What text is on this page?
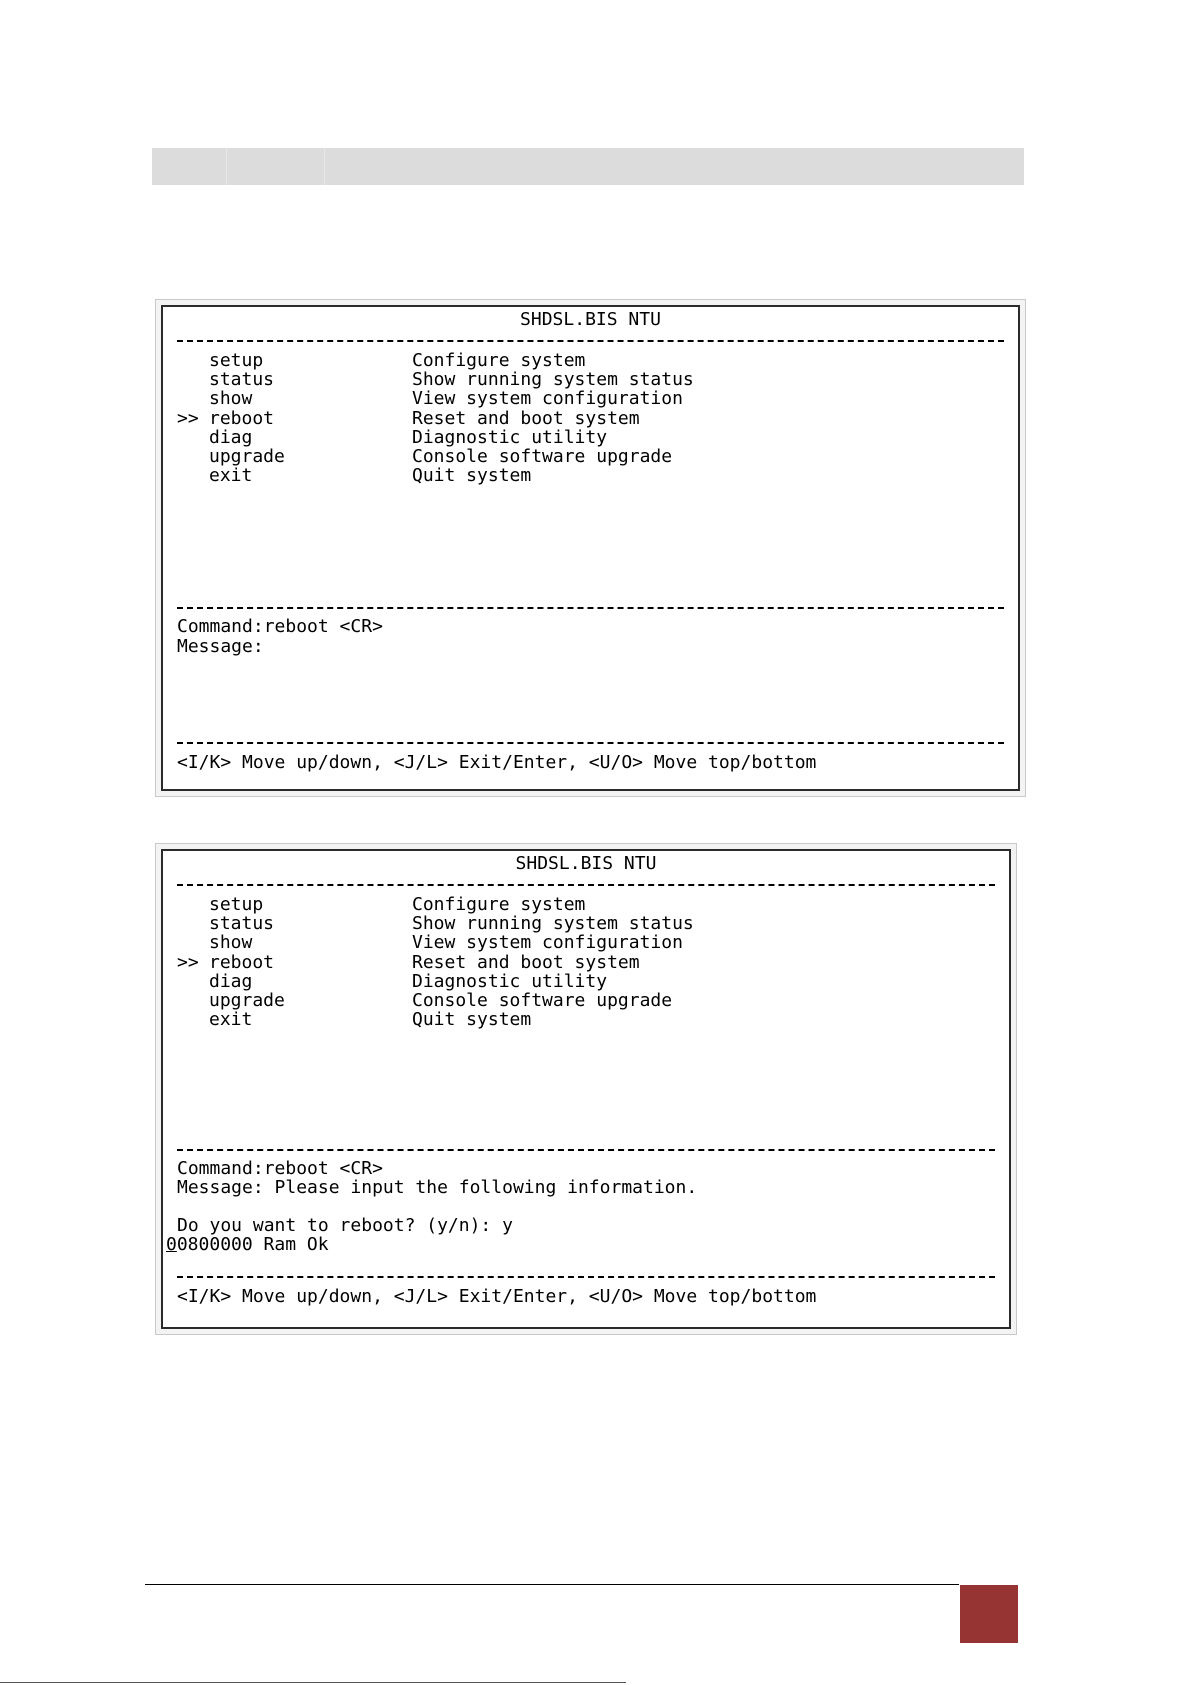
SHDSL.BIS NTU
setup	Configure system
status	Show running system status
show	View system configuration
>> reboot	Reset and boot system
diag	Diagnostic utility
upgrade	Console software upgrade
exit	Quit system
Command:reboot <CR>
Message:
<I/K> Move up/down, <J/L> Exit/Enter, <U/O> Move top/bottom
SHDSL.BIS NTU
setup	Configure system
status	Show running system status
show	View system configuration
>> reboot	Reset and boot system
diag	Diagnostic utility
upgrade	Console software upgrade
exit	Quit system
Command:reboot <CR>
Message: Please input the following information.
Do you want to reboot? (y/n): y
00800000 Ram Ok
<I/K> Move up/down, <J/L> Exit/Enter, <U/O> Move top/bottom
